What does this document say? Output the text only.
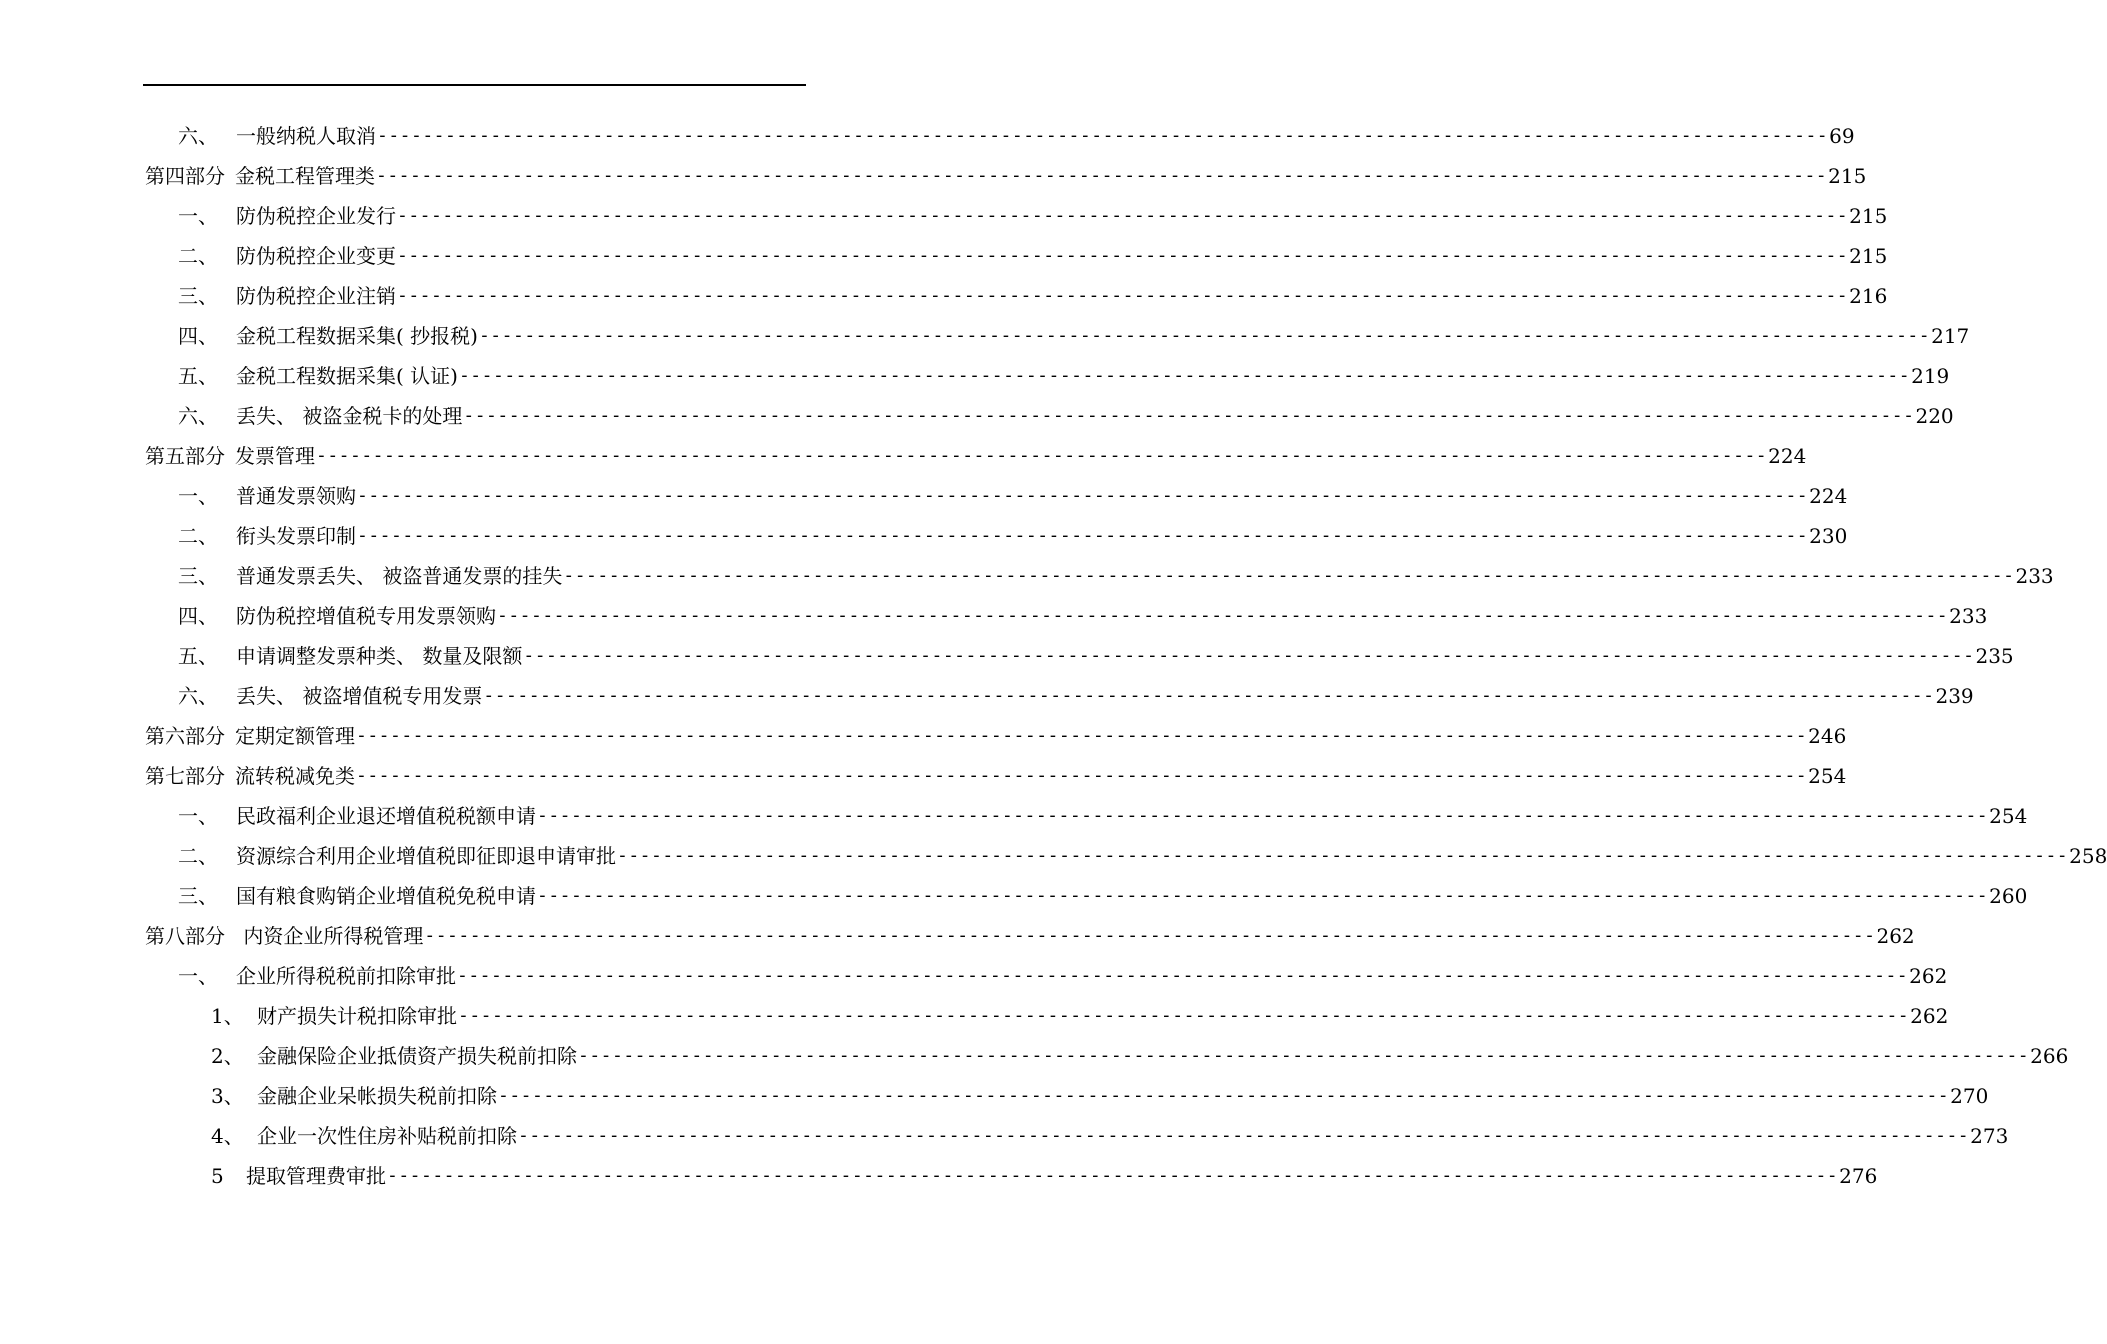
六、 一般纳税人取消 -------------------------------------------------------------------------------------------------------------------------------- 69
第四部分 金税工程管理类 -------------------------------------------------------------------------------------------------------------------------------- 215
一、 防伪税控企业发行 -------------------------------------------------------------------------------------------------------------------------------- 215
二、 防伪税控企业变更 -------------------------------------------------------------------------------------------------------------------------------- 215
三、 防伪税控企业注销 -------------------------------------------------------------------------------------------------------------------------------- 216
四、 金税工程数据采集( 抄报税) -------------------------------------------------------------------------------------------------------------------------------- 217
五、 金税工程数据采集( 认证) -------------------------------------------------------------------------------------------------------------------------------- 219
六、 丢失、 被盗金税卡的处理 -------------------------------------------------------------------------------------------------------------------------------- 220
第五部分 发票管理 -------------------------------------------------------------------------------------------------------------------------------- 224
一、 普通发票领购 -------------------------------------------------------------------------------------------------------------------------------- 224
二、 衔头发票印制 -------------------------------------------------------------------------------------------------------------------------------- 230
三、 普通发票丢失、 被盗普通发票的挂失 -------------------------------------------------------------------------------------------------------------------------------- 233
四、 防伪税控增值税专用发票领购 -------------------------------------------------------------------------------------------------------------------------------- 233
五、 申请调整发票种类、 数量及限额 -------------------------------------------------------------------------------------------------------------------------------- 235
六、 丢失、 被盗增值税专用发票 -------------------------------------------------------------------------------------------------------------------------------- 239
第六部分 定期定额管理 -------------------------------------------------------------------------------------------------------------------------------- 246
第七部分 流转税减免类 -------------------------------------------------------------------------------------------------------------------------------- 254
一、 民政福利企业退还增值税税额申请 -------------------------------------------------------------------------------------------------------------------------------- 254
二、 资源综合利用企业增值税即征即退申请审批 -------------------------------------------------------------------------------------------------------------------------------- 258
三、 国有粮食购销企业增值税免税申请 -------------------------------------------------------------------------------------------------------------------------------- 260
第八部分 内资企业所得税管理 -------------------------------------------------------------------------------------------------------------------------------- 262
一、 企业所得税税前扣除审批 -------------------------------------------------------------------------------------------------------------------------------- 262
1、 财产损失计税扣除审批 -------------------------------------------------------------------------------------------------------------------------------- 262
2、 金融保险企业抵债资产损失税前扣除 -------------------------------------------------------------------------------------------------------------------------------- 266
3、 金融企业呆帐损失税前扣除 -------------------------------------------------------------------------------------------------------------------------------- 270
4、 企业一次性住房补贴税前扣除 -------------------------------------------------------------------------------------------------------------------------------- 273
5 提取管理费审批 -------------------------------------------------------------------------------------------------------------------------------- 276
